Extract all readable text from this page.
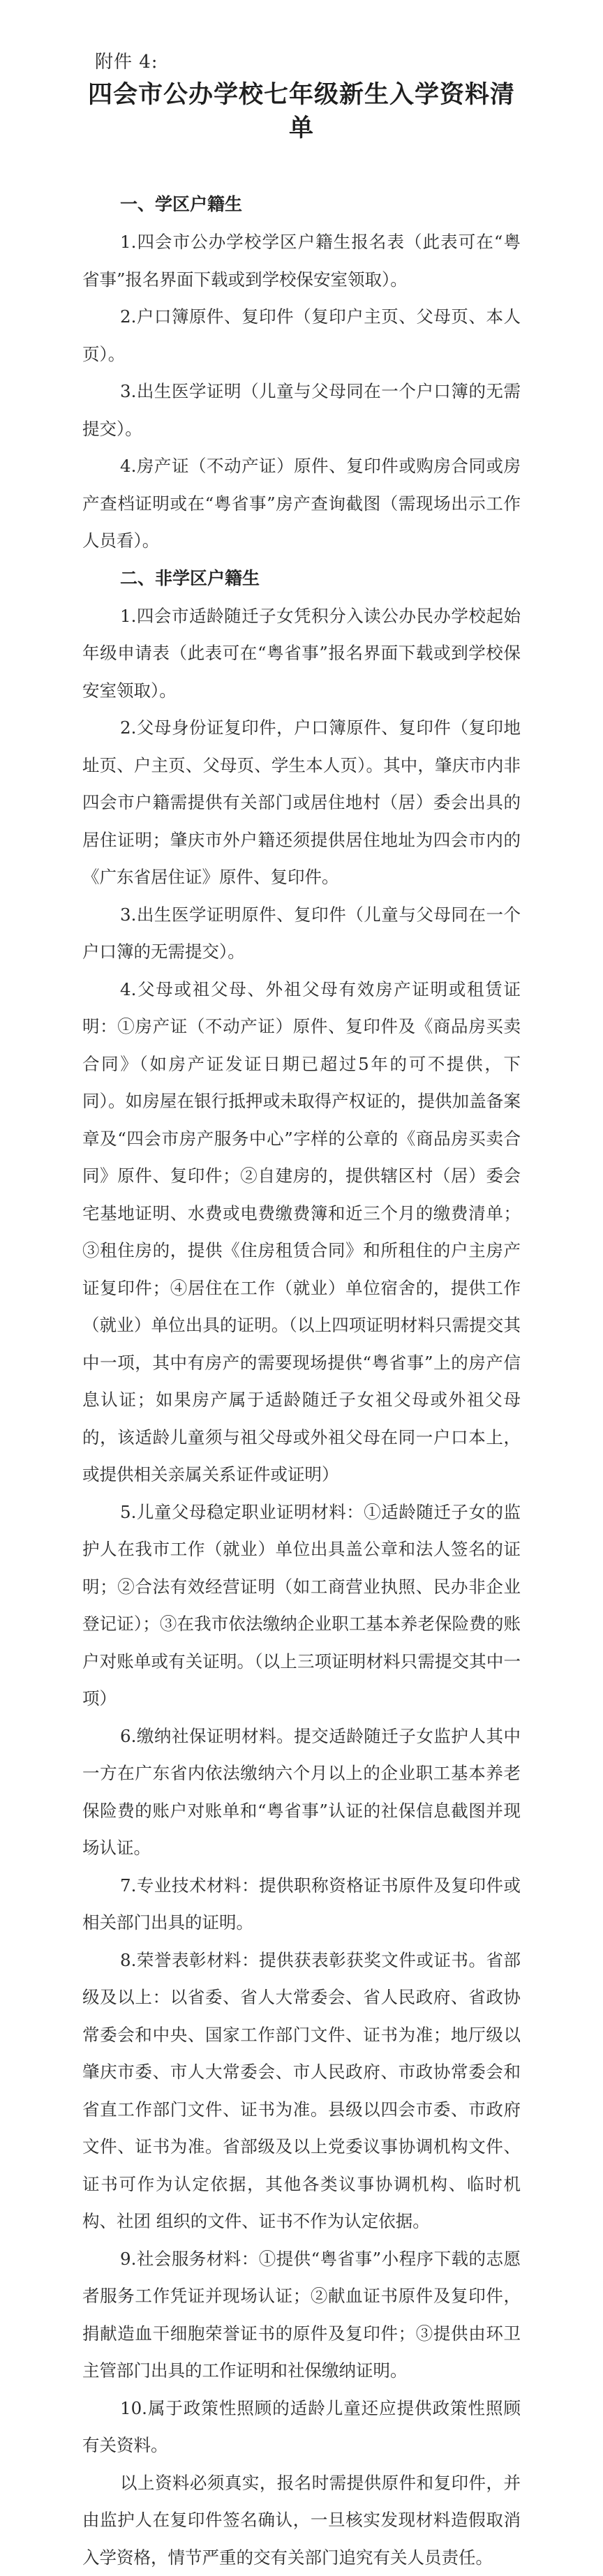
附件 4:
四会市公办学校七年级新生入学资料清单
一、学区户籍生

1.四会市公办学校学区户籍生报名表（此表可在“粤省事”报名界面下载或到学校保安室领取）。

2.户口簿原件、复印件（复印户主页、父母页、本人页）。

3.出生医学证明（儿童与父母同在一个户口簿的无需提交）。

4.房产证（不动产证）原件、复印件或购房合同或房产查档证明或在“粤省事”房产查询截图（需现场出示工作人员看）。

二、非学区户籍生

1.四会市适龄随迁子女凭积分入读公办民办学校起始年级申请表（此表可在“粤省事”报名界面下载或到学校保安室领取）。

2.父母身份证复印件，户口簿原件、复印件（复印地址页、户主页、父母页、学生本人页）。其中，肇庆市内非四会市户籍需提供有关部门或居住地村（居）委会出具的居住证明；肇庆市外户籍还须提供居住地址为四会市内的《广东省居住证》原件、复印件。

3.出生医学证明原件、复印件（儿童与父母同在一个户口簿的无需提交）。

4.父母或祖父母、外祖父母有效房产证明或租赁证明：①房产证（不动产证）原件、复印件及《商品房买卖合同》（如房产证发证日期已超过5年的可不提供，下同）。如房屋在银行抵押或未取得产权证的，提供加盖备案章及“四会市房产服务中心”字样的公章的《商品房买卖合同》原件、复印件；②自建房的，提供辖区村（居）委会宅基地证明、水费或电费缴费簿和近三个月的缴费清单；③租住房的，提供《住房租赁合同》和所租住的户主房产证复印件；④居住在工作（就业）单位宿舍的，提供工作（就业）单位出具的证明。（以上四项证明材料只需提交其中一项，其中有房产的需要现场提供“粤省事”上的房产信息认证；如果房产属于适龄随迁子女祖父母或外祖父母的，该适龄儿童须与祖父母或外祖父母在同一户口本上，或提供相关亲属关系证件或证明）

5.儿童父母稳定职业证明材料：①适龄随迁子女的监护人在我市工作（就业）单位出具盖公章和法人签名的证明；②合法有效经营证明（如工商营业执照、民办非企业登记证）；③在我市依法缴纳企业职工基本养老保险费的账户对账单或有关证明。（以上三项证明材料只需提交其中一项）

6.缴纳社保证明材料。提交适龄随迁子女监护人其中一方在广东省内依法缴纳六个月以上的企业职工基本养老保险费的账户对账单和“粤省事”认证的社保信息截图并现场认证。

7.专业技术材料：提供职称资格证书原件及复印件或相关部门出具的证明。

8.荣誉表彰材料：提供获表彰获奖文件或证书。省部级及以上：以省委、省人大常委会、省人民政府、省政协常委会和中央、国家工作部门文件、证书为准；地厅级以肇庆市委、市人大常委会、市人民政府、市政协常委会和省直工作部门文件、证书为准。县级以四会市委、市政府文件、证书为准。省部级及以上党委议事协调机构文件、证书可作为认定依据，其他各类议事协调机构、临时机构、社团 组织的文件、证书不作为认定依据。

9.社会服务材料：①提供“粤省事”小程序下载的志愿者服务工作凭证并现场认证；②献血证书原件及复印件，捐献造血干细胞荣誉证书的原件及复印件；③提供由环卫主管部门出具的工作证明和社保缴纳证明。

10.属于政策性照顾的适龄儿童还应提供政策性照顾有关资料。

以上资料必须真实，报名时需提供原件和复印件，并由监护人在复印件签名确认，一旦核实发现材料造假取消入学资格，情节严重的交有关部门追究有关人员责任。
